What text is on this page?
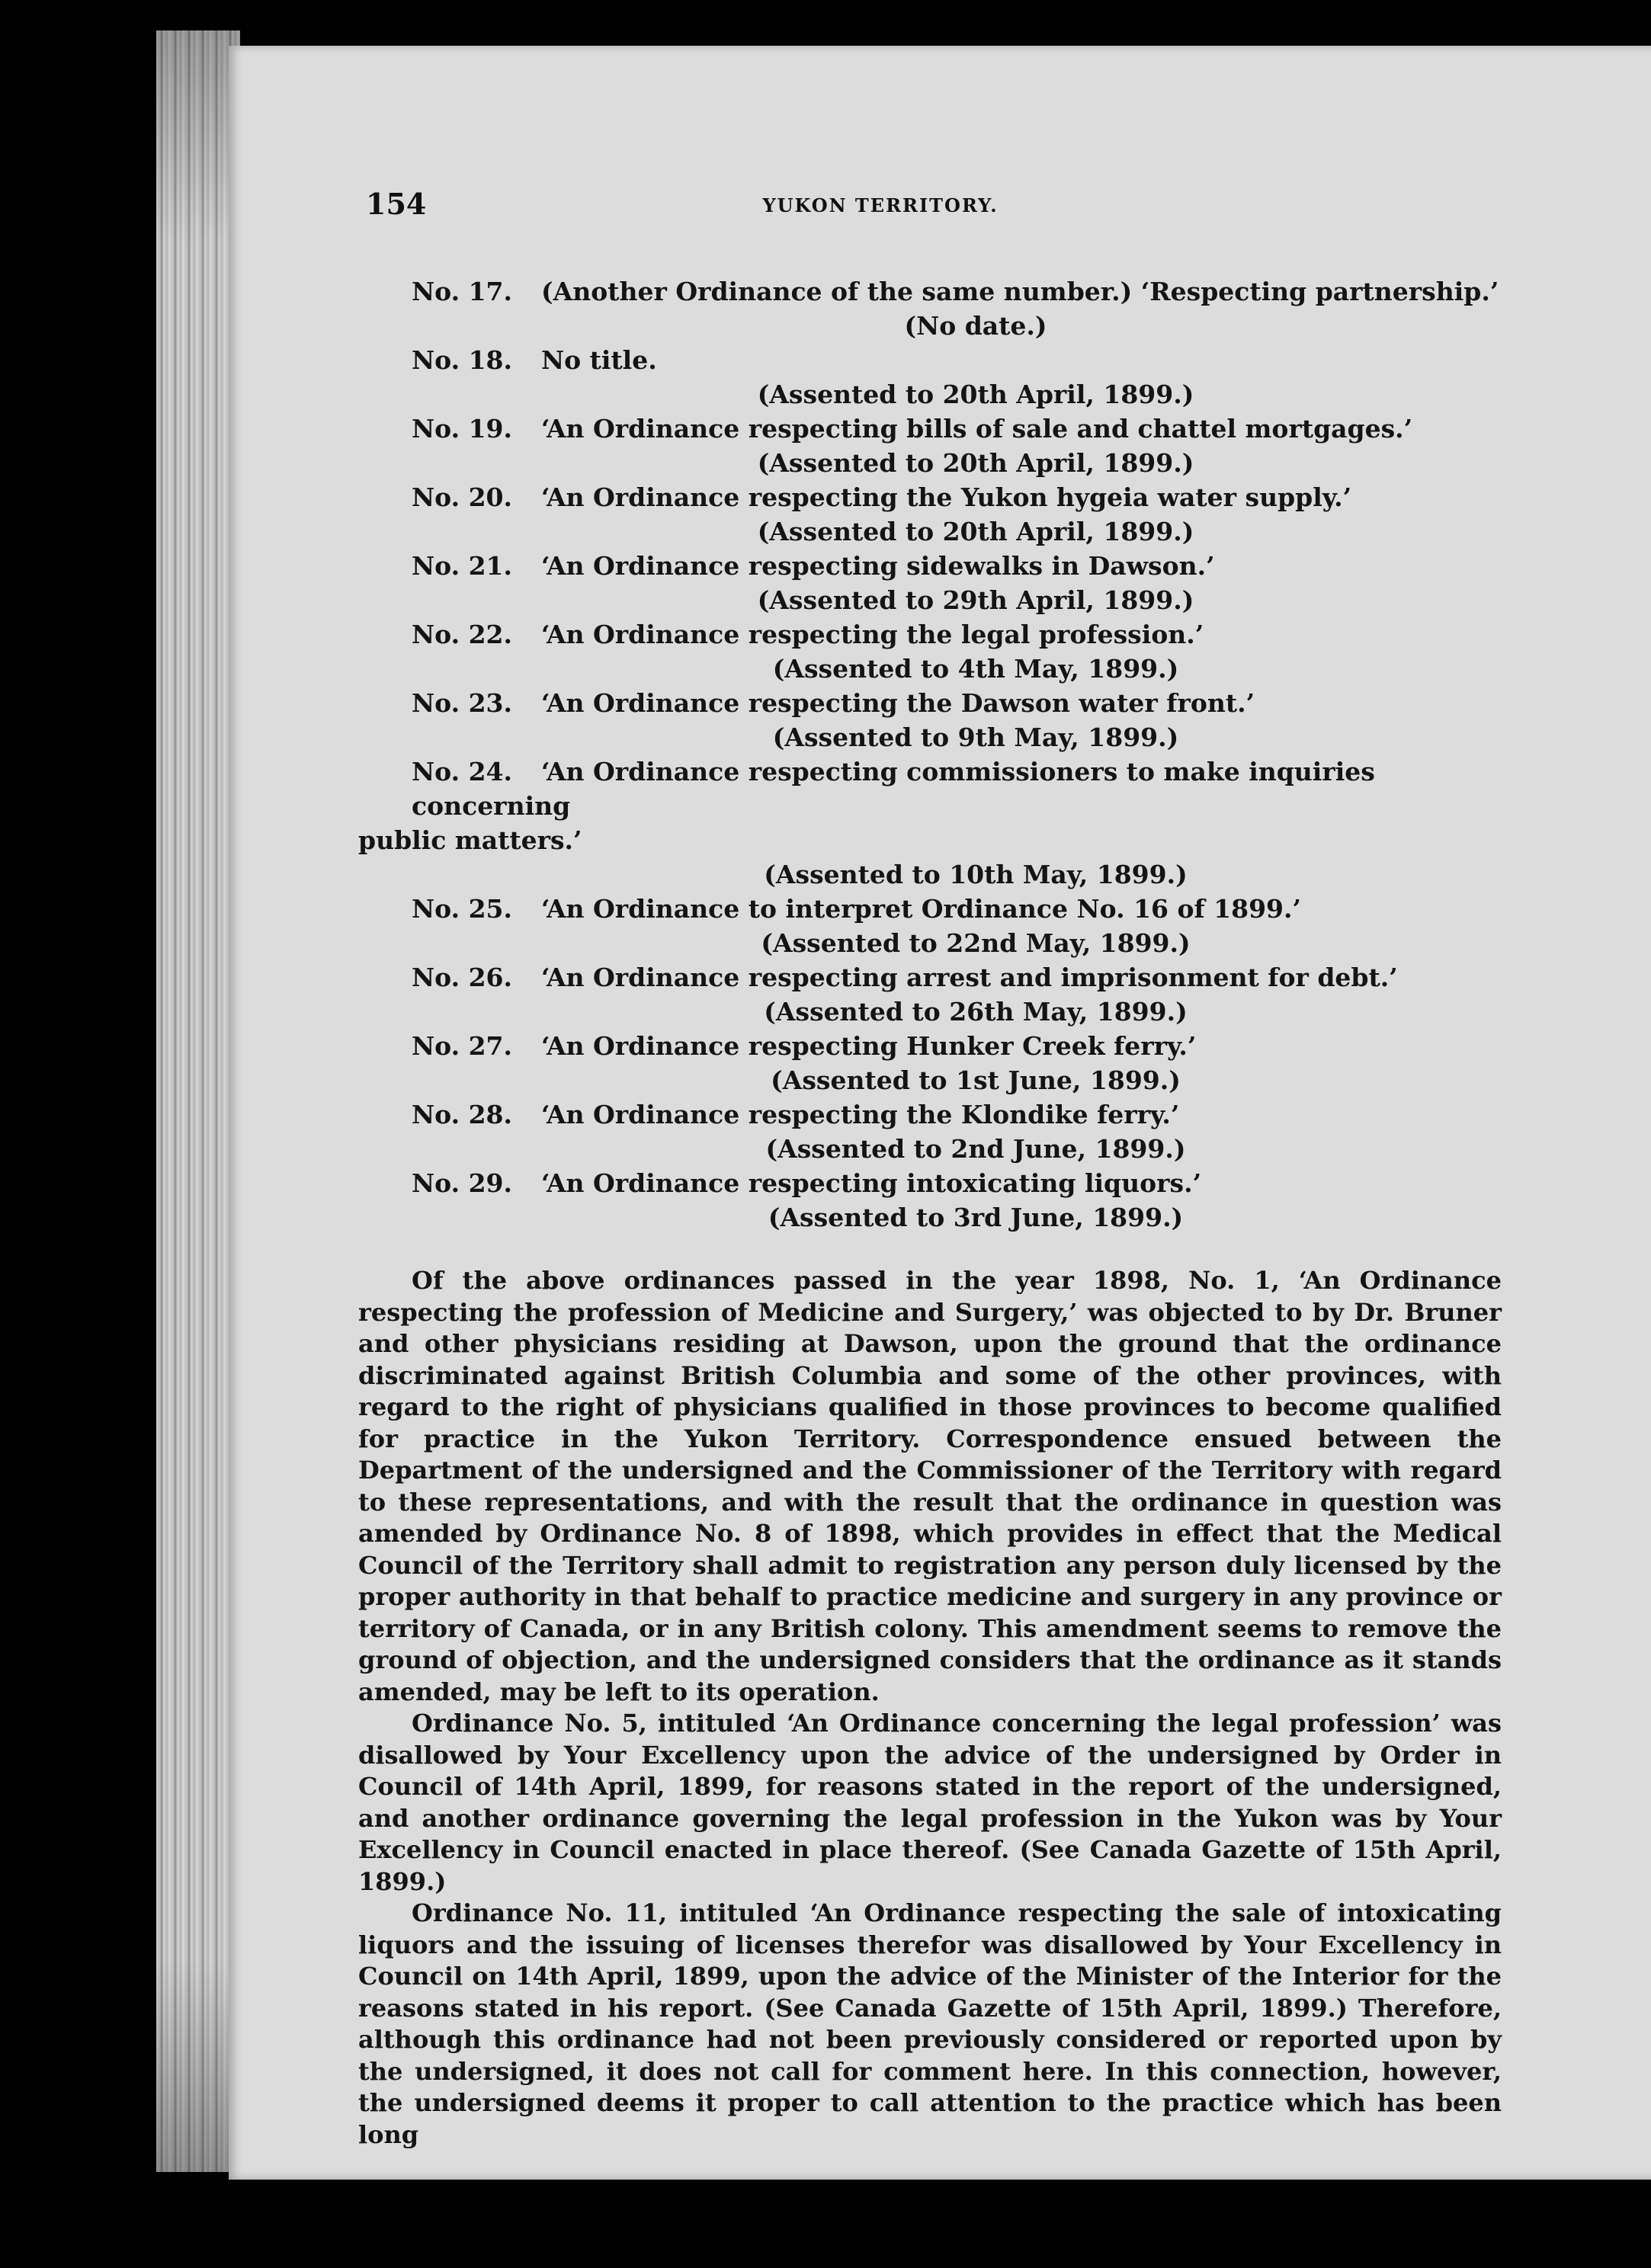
154	YUKON TERRITORY.
No. 17. (Another Ordinance of the same number.) ‘Respecting partnership.’
(No date.)
No. 18. No title.
(Assented to 20th April, 1899.)
No. 19. ‘An Ordinance respecting bills of sale and chattel mortgages.’
(Assented to 20th April, 1899.)
No. 20. ‘An Ordinance respecting the Yukon hygeia water supply.’
(Assented to 20th April, 1899.)
No. 21. ‘An Ordinance respecting sidewalks in Dawson.’
(Assented to 29th April, 1899.)
No. 22. ‘An Ordinance respecting the legal profession.’
(Assented to 4th May, 1899.)
No. 23. ‘An Ordinance respecting the Dawson water front.’
(Assented to 9th May, 1899.)
No. 24. ‘An Ordinance respecting commissioners to make inquiries concerning
public matters.’
(Assented to 10th May, 1899.)
No. 25. ‘An Ordinance to interpret Ordinance No. 16 of 1899.’
(Assented to 22nd May, 1899.)
No. 26. ‘An Ordinance respecting arrest and imprisonment for debt.’
(Assented to 26th May, 1899.)
No. 27. ‘An Ordinance respecting Hunker Creek ferry.’
(Assented to 1st June, 1899.)
No. 28. ‘An Ordinance respecting the Klondike ferry.’
(Assented to 2nd June, 1899.)
No. 29. ‘An Ordinance respecting intoxicating liquors.’
(Assented to 3rd June, 1899.)

Of the above ordinances passed in the year 1898, No. 1, ‘An Ordinance respecting the profession of Medicine and Surgery,’ was objected to by Dr. Bruner and other physicians residing at Dawson, upon the ground that the ordinance discriminated against British Columbia and some of the other provinces, with regard to the right of physicians qualified in those provinces to become qualified for practice in the Yukon Territory. Correspondence ensued between the Department of the undersigned and the Commissioner of the Territory with regard to these representations, and with the result that the ordinance in question was amended by Ordinance No. 8 of 1898, which provides in effect that the Medical Council of the Territory shall admit to registration any person duly licensed by the proper authority in that behalf to practice medicine and surgery in any province or territory of Canada, or in any British colony. This amendment seems to remove the ground of objection, and the undersigned considers that the ordinance as it stands amended, may be left to its operation.

Ordinance No. 5, intituled ‘An Ordinance concerning the legal profession’ was disallowed by Your Excellency upon the advice of the undersigned by Order in Council of 14th April, 1899, for reasons stated in the report of the undersigned, and another ordinance governing the legal profession in the Yukon was by Your Excellency in Council enacted in place thereof. (See Canada Gazette of 15th April, 1899.)

Ordinance No. 11, intituled ‘An Ordinance respecting the sale of intoxicating liquors and the issuing of licenses therefor was disallowed by Your Excellency in Council on 14th April, 1899, upon the advice of the Minister of the Interior for the reasons stated in his report. (See Canada Gazette of 15th April, 1899.) Therefore, although this ordinance had not been previously considered or reported upon by the undersigned, it does not call for comment here. In this connection, however, the undersigned deems it proper to call attention to the practice which has been long
